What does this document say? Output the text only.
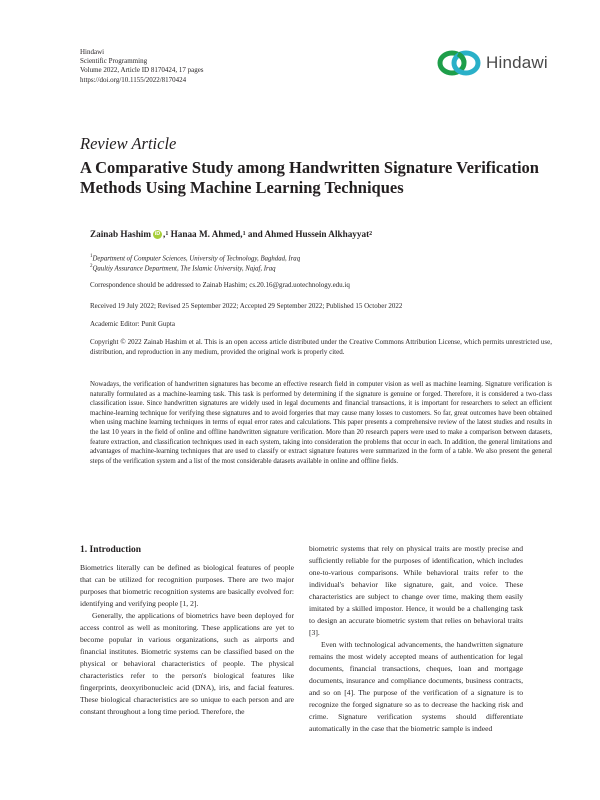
Hindawi
Scientific Programming
Volume 2022, Article ID 8170424, 17 pages
https://doi.org/10.1155/2022/8170424
Hindawi
Review Article
A Comparative Study among Handwritten Signature Verification Methods Using Machine Learning Techniques
Zainab Hashim iD , 1
Hanaa M. Ahmed, 1
and Ahmed Hussein Alkhayyat 2
$^1$Department of Computer Sciences, University of Technology, Baghdad, Iraq
$^2$Qaultiy Assurance Department, The Islamic University, Najaf, Iraq
Correspondence should be addressed to Zainab Hashim; cs.20.16@grad.uotechnology.edu.iq
Received 19 July 2022; Revised 25 September 2022; Accepted 29 September 2022; Published 15 October 2022
Academic Editor: Punit Gupta
Copyright © 2022 Zainab Hashim et al. This is an open access article distributed under the Creative Commons Attribution License, which permits unrestricted use, distribution, and reproduction in any medium, provided the original work is properly cited.
Nowadays, the verification of handwritten signatures has become an effective research field in computer vision as well as machine learning. Signature verification is naturally formulated as a machine-learning task. This task is performed by determining if the signature is genuine or forged. Therefore, it is considered a two-class classification issue. Since handwritten signatures are widely used in legal documents and financial transactions, it is important for researchers to select an efficient machine-learning technique for verifying these signatures and to avoid forgeries that may cause many losses to customers. So far, great outcomes have been obtained when using machine learning techniques in terms of equal error rates and calculations. This paper presents a comprehensive review of the latest studies and results in the last 10 years in the field of online and offline handwritten signature verification. More than 20 research papers were used to make a comparison between datasets, feature extraction, and classification techniques used in each system, taking into consideration the problems that occur in each. In addition, the general limitations and advantages of machine-learning techniques that are used to classify or extract signature features were summarized in the form of a table. We also present the general steps of the verification system and a list of the most considerable datasets available in online and offline fields.
1. Introduction

Biometrics literally can be defined as biological features of people that can be utilized for recognition purposes. There are two major purposes that biometric recognition systems are basically evolved for: identifying and verifying people [1, 2].

Generally, the applications of biometrics have been deployed for access control as well as monitoring. These applications are yet to become popular in various organizations, such as airports and financial institutes. Biometric systems can be classified based on the physical or behavioral characteristics of people. The physical characteristics refer to the person's biological features like fingerprints, deoxyribonucleic acid (DNA), iris, and facial features. These biological characteristics are so unique to each person and are constant throughout a long time period. Therefore, the

biometric systems that rely on physical traits are mostly precise and sufficiently reliable for the purposes of identification, which includes one-to-various comparisons. While behavioral traits refer to the individual's behavior like signature, gait, and voice. These characteristics are subject to change over time, making them easily imitated by a skilled impostor. Hence, it would be a challenging task to design an accurate biometric system that relies on behavioral traits [3].

Even with technological advancements, the handwritten signature remains the most widely accepted means of authentication for legal documents, financial transactions, cheques, loan and mortgage documents, insurance and compliance documents, business contracts, and so on [4]. The purpose of the verification of a signature is to recognize the forged signature so as to decrease the hacking risk and crime. Signature verification systems should differentiate automatically in the case that the biometric sample is indeed
